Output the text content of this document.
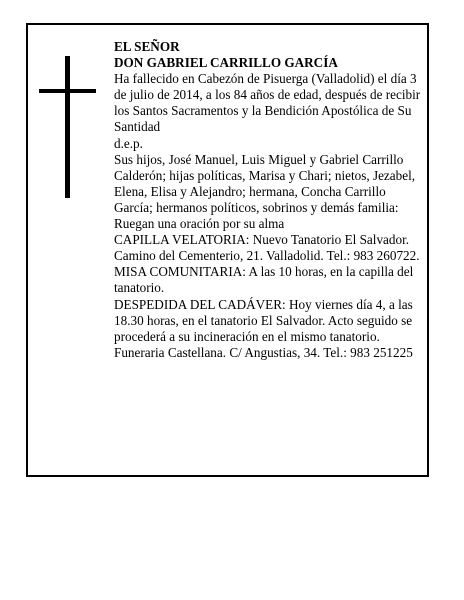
EL SEÑOR

DON GABRIEL CARRILLO GARCÍA

Ha fallecido en Cabezón de Pisuerga (Valladolid) el día 3 de julio de 2014, a los 84 años de edad, después de recibir los Santos Sacramentos y la Bendición Apostólica de Su Santidad

d.e.p.

Sus hijos, José Manuel, Luis Miguel y Gabriel Carrillo Calderón; hijas políticas, Marisa y Chari; nietos, Jezabel, Elena, Elisa y Alejandro; hermana, Concha Carrillo García; hermanos políticos, sobrinos y demás familia:

Ruegan una oración por su alma

CAPILLA VELATORIA: Nuevo Tanatorio El Salvador. Camino del Cementerio, 21. Valladolid. Tel.: 983 260722. MISA COMUNITARIA: A las 10 horas, en la capilla del tanatorio.

DESPEDIDA DEL CADÁVER: Hoy viernes día 4, a las 18.30 horas, en el tanatorio El Salvador. Acto seguido se procederá a su incineración en el mismo tanatorio.

Funeraria Castellana. C/ Angustias, 34. Tel.: 983 251225
